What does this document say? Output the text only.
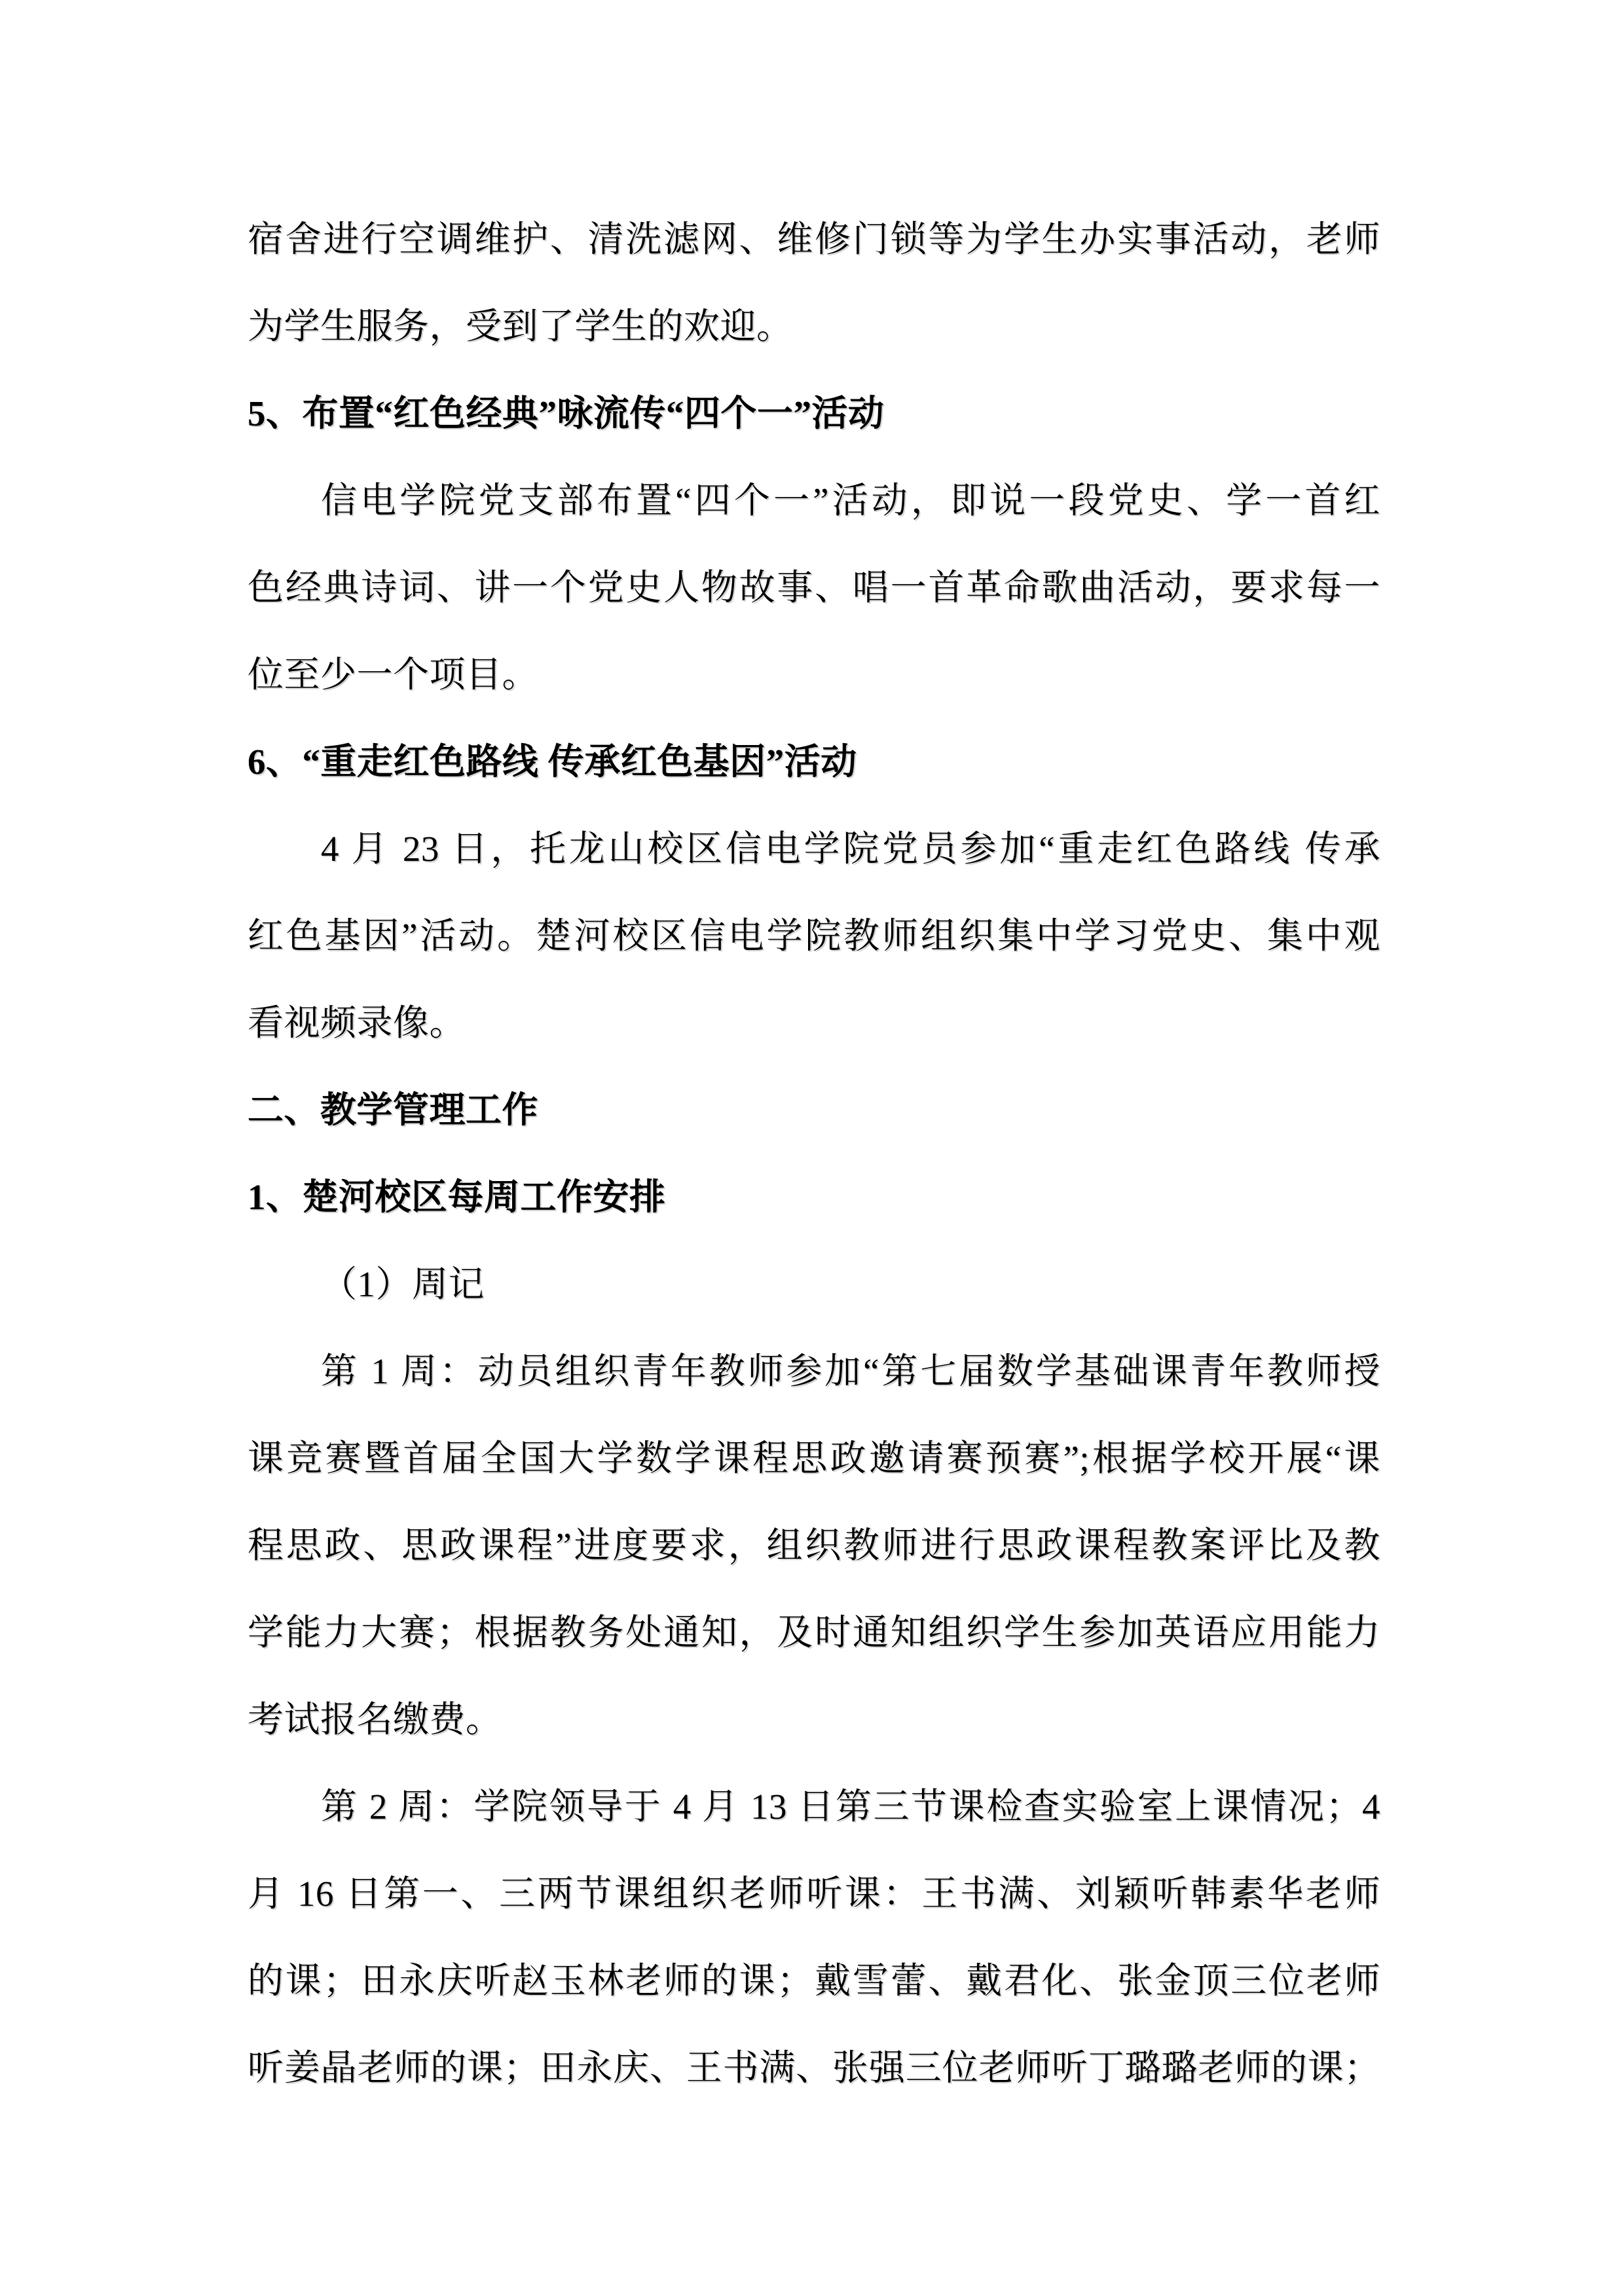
宿舍进行空调维护、清洗滤网、维修门锁等为学生办实事活动，老师

为学生服务，受到了学生的欢迎。

5、布置“红色经典”咏流传“四个一”活动

信电学院党支部布置“四个一”活动，即说一段党史、学一首红

色经典诗词、讲一个党史人物故事、唱一首革命歌曲活动，要求每一

位至少一个项目。

6、“重走红色路线 传承红色基因”活动

4 月 23 日，托龙山校区信电学院党员参加“重走红色路线 传承

红色基因”活动。楚河校区信电学院教师组织集中学习党史、集中观

看视频录像。

二、教学管理工作

1、楚河校区每周工作安排

（1）周记

第 1 周：动员组织青年教师参加“第七届数学基础课青年教师授

课竞赛暨首届全国大学数学课程思政邀请赛预赛”;根据学校开展“课

程思政、思政课程”进度要求，组织教师进行思政课程教案评比及教

学能力大赛；根据教务处通知，及时通知组织学生参加英语应用能力

考试报名缴费。

第 2 周：学院领导于 4 月 13 日第三节课检查实验室上课情况；4

月 16 日第一、三两节课组织老师听课：王书满、刘颖听韩素华老师

的课；田永庆听赵玉林老师的课；戴雪蕾、戴君化、张金顶三位老师

听姜晶老师的课；田永庆、王书满、张强三位老师听丁璐璐老师的课；
